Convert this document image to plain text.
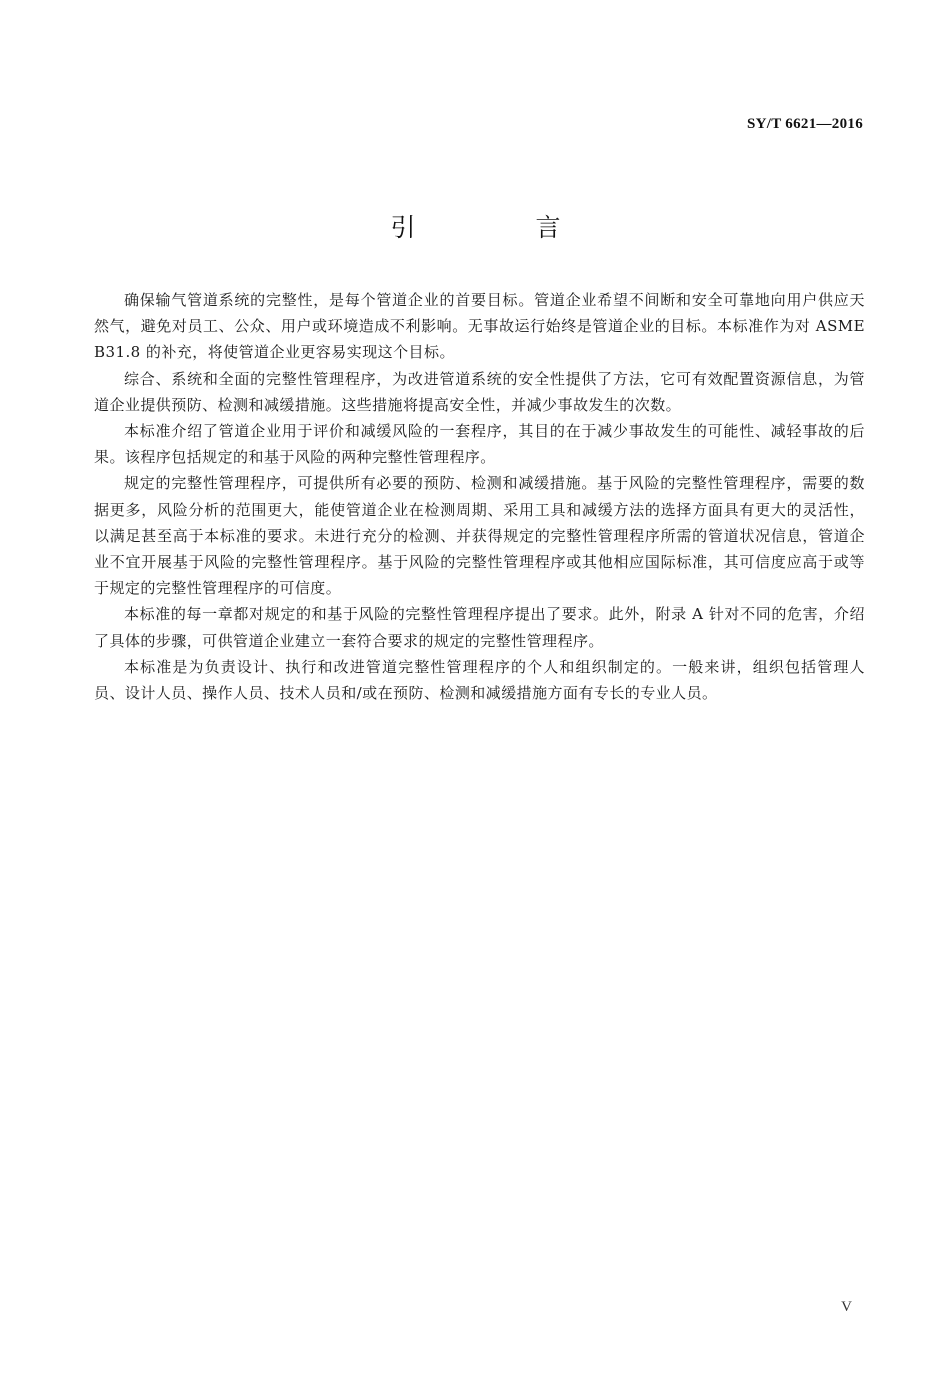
SY/T 6621—2016
引 言

确保输气管道系统的完整性，是每个管道企业的首要目标。管道企业希望不间断和安全可靠地向用户供应天然气，避免对员工、公众、用户或环境造成不利影响。无事故运行始终是管道企业的目标。本标准作为对 ASME B31.8 的补充，将使管道企业更容易实现这个目标。

综合、系统和全面的完整性管理程序，为改进管道系统的安全性提供了方法，它可有效配置资源信息，为管道企业提供预防、检测和减缓措施。这些措施将提高安全性，并减少事故发生的次数。

本标准介绍了管道企业用于评价和减缓风险的一套程序，其目的在于减少事故发生的可能性、减轻事故的后果。该程序包括规定的和基于风险的两种完整性管理程序。

规定的完整性管理程序，可提供所有必要的预防、检测和减缓措施。基于风险的完整性管理程序，需要的数据更多，风险分析的范围更大，能使管道企业在检测周期、采用工具和减缓方法的选择方面具有更大的灵活性，以满足甚至高于本标准的要求。未进行充分的检测、并获得规定的完整性管理程序所需的管道状况信息，管道企业不宜开展基于风险的完整性管理程序。基于风险的完整性管理程序或其他相应国际标准，其可信度应高于或等于规定的完整性管理程序的可信度。

本标准的每一章都对规定的和基于风险的完整性管理程序提出了要求。此外，附录 A 针对不同的危害，介绍了具体的步骤，可供管道企业建立一套符合要求的规定的完整性管理程序。

本标准是为负责设计、执行和改进管道完整性管理程序的个人和组织制定的。一般来讲，组织包括管理人员、设计人员、操作人员、技术人员和/或在预防、检测和减缓措施方面有专长的专业人员。

V
